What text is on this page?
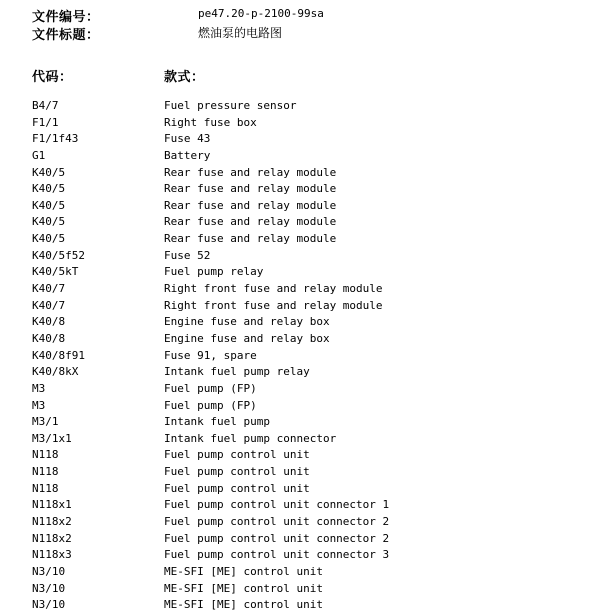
文件编号：	pe47.20-p-2100-99sa
文件标题：	燃油泵的电路图
代码：	款式：
B4/7	Fuel pressure sensor
F1/1	Right fuse box
F1/1f43	Fuse 43
G1	Battery
K40/5	Rear fuse and relay module
K40/5	Rear fuse and relay module
K40/5	Rear fuse and relay module
K40/5	Rear fuse and relay module
K40/5	Rear fuse and relay module
K40/5f52	Fuse 52
K40/5kT	Fuel pump relay
K40/7	Right front fuse and relay module
K40/7	Right front fuse and relay module
K40/8	Engine fuse and relay box
K40/8	Engine fuse and relay box
K40/8f91	Fuse 91, spare
K40/8kX	Intank fuel pump relay
M3	Fuel pump (FP)
M3	Fuel pump (FP)
M3/1	Intank fuel pump
M3/1x1	Intank fuel pump connector
N118	Fuel pump control unit
N118	Fuel pump control unit
N118	Fuel pump control unit
N118x1	Fuel pump control unit connector 1
N118x2	Fuel pump control unit connector 2
N118x2	Fuel pump control unit connector 2
N118x3	Fuel pump control unit connector 3
N3/10	ME-SFI [ME] control unit
N3/10	ME-SFI [ME] control unit
N3/10	ME-SFI [ME] control unit
